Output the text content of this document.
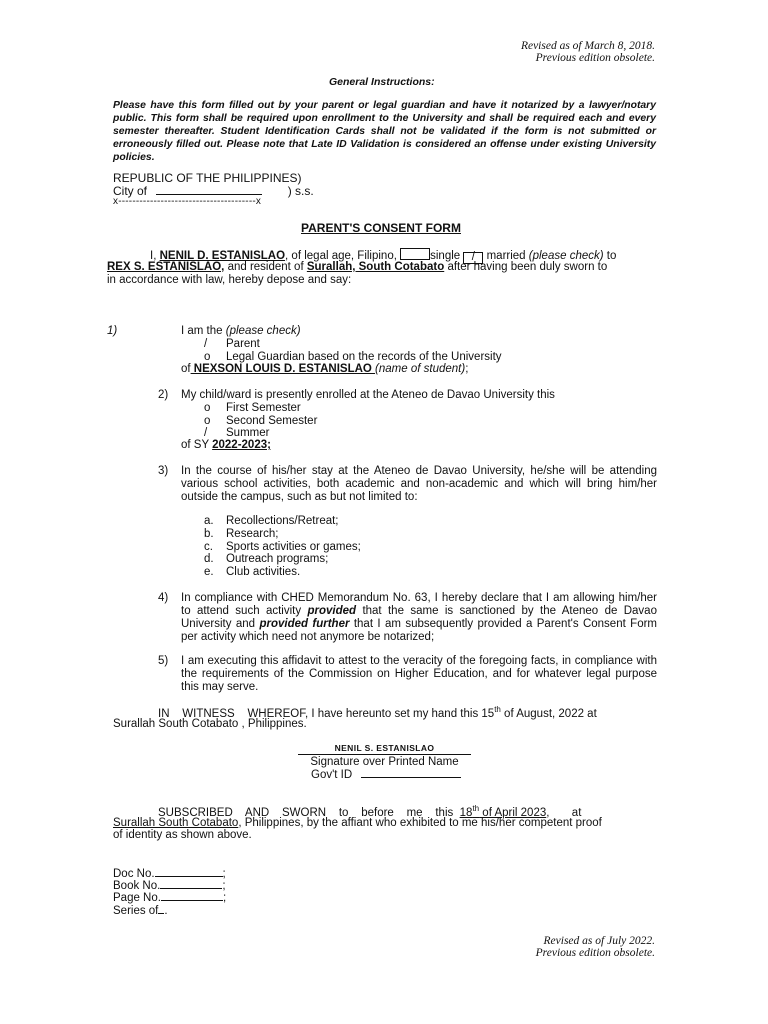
Revised as of March 8, 2018.
Previous edition obsolete.
General Instructions:
Please have this form filled out by your parent or legal guardian and have it notarized by a lawyer/notary public. This form shall be required upon enrollment to the University and shall be required each and every semester thereafter. Student Identification Cards shall not be validated if the form is not submitted or erroneously filled out. Please note that Late ID Validation is considered an offense under existing University policies.
REPUBLIC OF THE PHILIPPINES)
City of	) s.s.
x---------------------------------------x
PARENT'S CONSENT FORM
I, NENIL D. ESTANISLAO, of legal age, Filipino,	single / married (please check) to
REX S. ESTANISLAO, and resident of Surallah, South Cotabato after having been duly sworn to
in accordance with law, hereby depose and say:
1)	I am the (please check)
/ Parent
o Legal Guardian based on the records of the University
of NEXSON LOUIS D. ESTANISLAO (name of student);
2) My child/ward is presently enrolled at the Ateneo de Davao University this
o First Semester
o Second Semester
/ Summer
of SY 2022-2023;
3) In the course of his/her stay at the Ateneo de Davao University, he/she will be attending various school activities, both academic and non-academic and which will bring him/her outside the campus, such as but not limited to:
a. Recollections/Retreat;
b. Research;
c. Sports activities or games;
d. Outreach programs;
e. Club activities.
4) In compliance with CHED Memorandum No. 63, I hereby declare that I am allowing him/her to attend such activity provided that the same is sanctioned by the Ateneo de Davao University and provided further that I am subsequently provided a Parent's Consent Form per activity which need not anymore be notarized;
5) I am executing this affidavit to attest to the veracity of the foregoing facts, in compliance with the requirements of the Commission on Higher Education, and for whatever legal purpose this may serve.
IN    WITNESS    WHEREOF, I have hereunto set my hand this 15th of August, 2022 at
Surallah South Cotabato , Philippines.
NENIL S. ESTANISLAO
Signature over Printed Name
Gov't ID
SUBSCRIBED    AND    SWORN    to    before    me    this 18th of April 2023,       at
Surallah South Cotabato, Philippines, by the affiant who exhibited to me his/her competent proof
of identity as shown above.
Doc No.	;
Book No.	;
Page No.	;
Series of .
Revised as of July 2022.
Previous edition obsolete.
